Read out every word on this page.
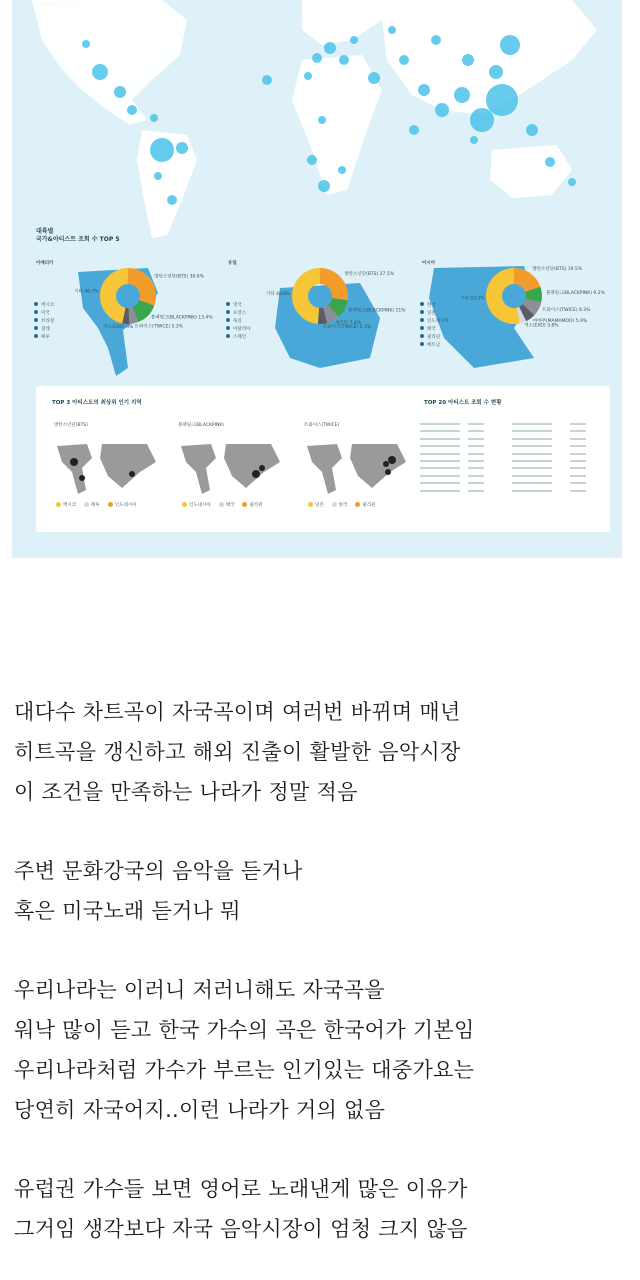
대륙별
국가&아티스트 조회 수 TOP 5
아메리카
방탄소년단(BTS) 30.6%
블랙핑크(BLACKPINK) 13.4%
트와이스(TWICE) 5.3%
엑소(EXO) 4%
기타 46.7%
멕시코
미국
브라질
칠레
페루
유럽
방탄소년단(BTS) 27.5%
블랙핑크(BLACKPINK) 11%
세븐틴 7.4%
트와이스(TWICE) 5.3%
기타 48.8%
영국
프랑스
독일
이탈리아
스페인
아시아
방탄소년단(BTS) 19.5%
블랙핑크(BLACKPINK) 9.2%
트와이스(TWICE) 8.3%
마마무(MAMAMOO) 5.9%
엑소(EXO) 3.8%
기타 53.3%
한국
일본
인도네시아
태국
필리핀
베트남
TOP 3 아티스트의 최상위 인기 지역	TOP 20 아티스트 조회 수 현황
방탄소년단(BTS)	블랙핑크(BLACKPINK)	트와이스(TWICE)
멕시코	페루	인도네시아	인도네시아	태국	필리핀	일본	한국	필리핀
대다수 차트곡이 자국곡이며 여러번 바뀌며 매년
히트곡을 갱신하고 해외 진출이 활발한 음악시장
이 조건을 만족하는 나라가 정말 적음
주변 문화강국의 음악을 듣거나
혹은 미국노래 듣거나 뭐
우리나라는 이러니 저러니해도 자국곡을
워낙 많이 듣고 한국 가수의 곡은 한국어가 기본임
우리나라처럼 가수가 부르는 인기있는 대중가요는
당연히 자국어지..이런 나라가 거의 없음
유럽권 가수들 보면 영어로 노래낸게 많은 이유가
그거임 생각보다 자국 음악시장이 엄청 크지 않음
